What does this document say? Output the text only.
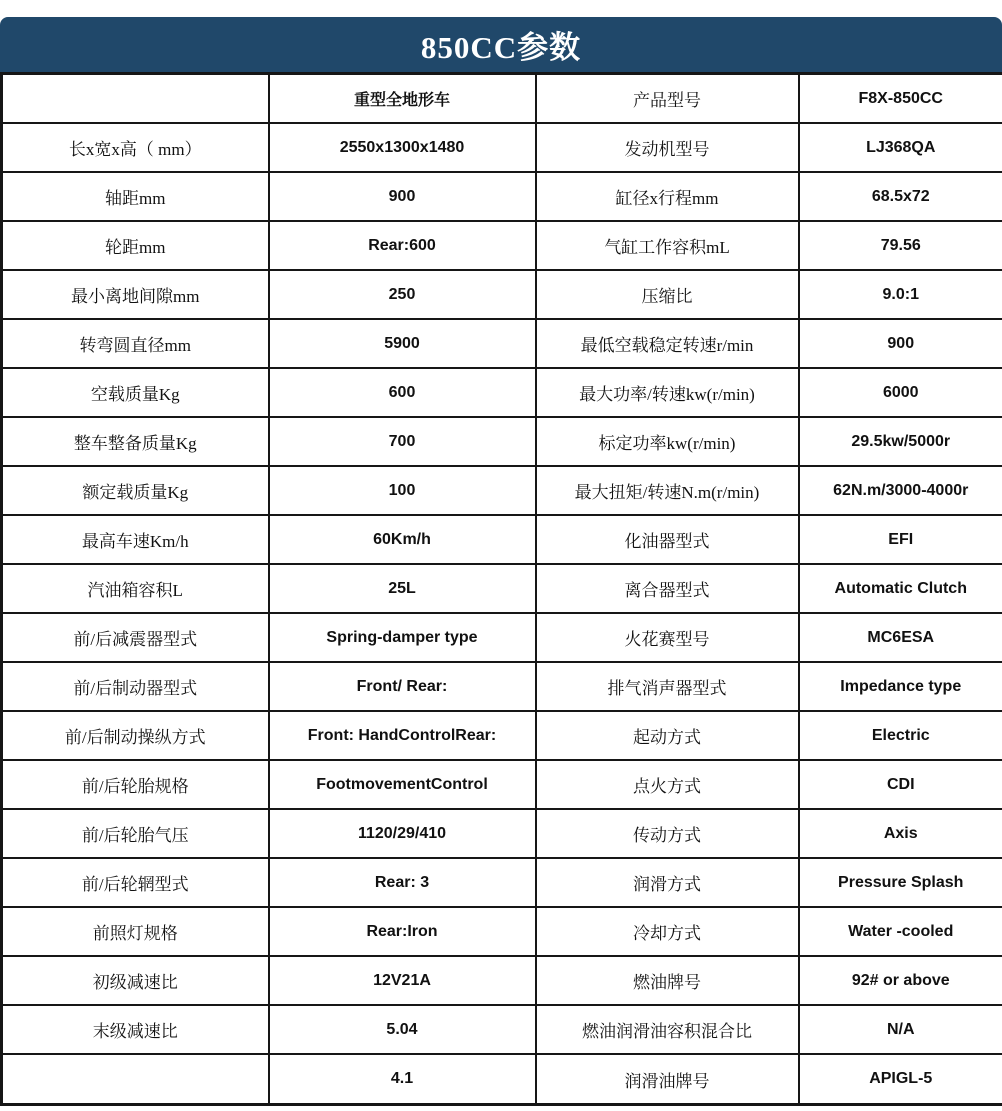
850CC参数
	重型全地形车	产品型号	F8X-850CC
长x宽x高（ mm）	2550x1300x1480	发动机型号	LJ368QA
轴距mm	900	缸径x行程mm	68.5x72
轮距mm	Rear:600	气缸工作容积mL	79.56
最小离地间隙mm	250	压缩比	9.0:1
转弯圆直径mm	5900	最低空载稳定转速r/min	900
空载质量Kg	600	最大功率/转速kw(r/min)	6000
整车整备质量Kg	700	标定功率kw(r/min)	29.5kw/5000r
额定载质量Kg	100	最大扭矩/转速N.m(r/min)	62N.m/3000-4000r
最高车速Km/h	60Km/h	化油器型式	EFI
汽油箱容积L	25L	离合器型式	Automatic Clutch
前/后减震器型式	Spring-damper type	火花赛型号	MC6ESA
前/后制动器型式	Front/ Rear:	排气消声器型式	Impedance type
前/后制动操纵方式	Front: HandControlRear:	起动方式	Electric
前/后轮胎规格	FootmovementControl	点火方式	CDI
前/后轮胎气压	1120/29/410	传动方式	Axis
前/后轮辋型式	Rear: 3	润滑方式	Pressure Splash
前照灯规格	Rear:Iron	冷却方式	Water -cooled
初级减速比	12V21A	燃油牌号	92# or above
末级减速比	5.04	燃油润滑油容积混合比	N/A
	4.1	润滑油牌号	APIGL-5
